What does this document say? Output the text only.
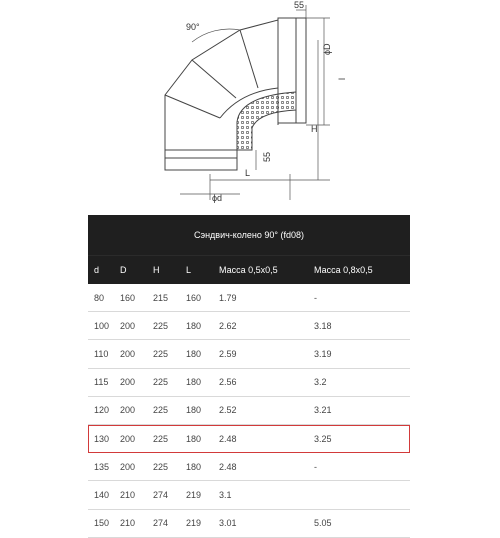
90°
55
ϕD
l
H
55
L
ϕd
Сэндвич-колено 90° (fd08)
d	D	H	L	Масса 0,5х0,5	Масса 0,8х0,5
80	160	215	160	1.79	-
100	200	225	180	2.62	3.18
110	200	225	180	2.59	3.19
115	200	225	180	2.56	3.2
120	200	225	180	2.52	3.21
130	200	225	180	2.48	3.25
135	200	225	180	2.48	-
140	210	274	219	3.1
150	210	274	219	3.01	5.05
